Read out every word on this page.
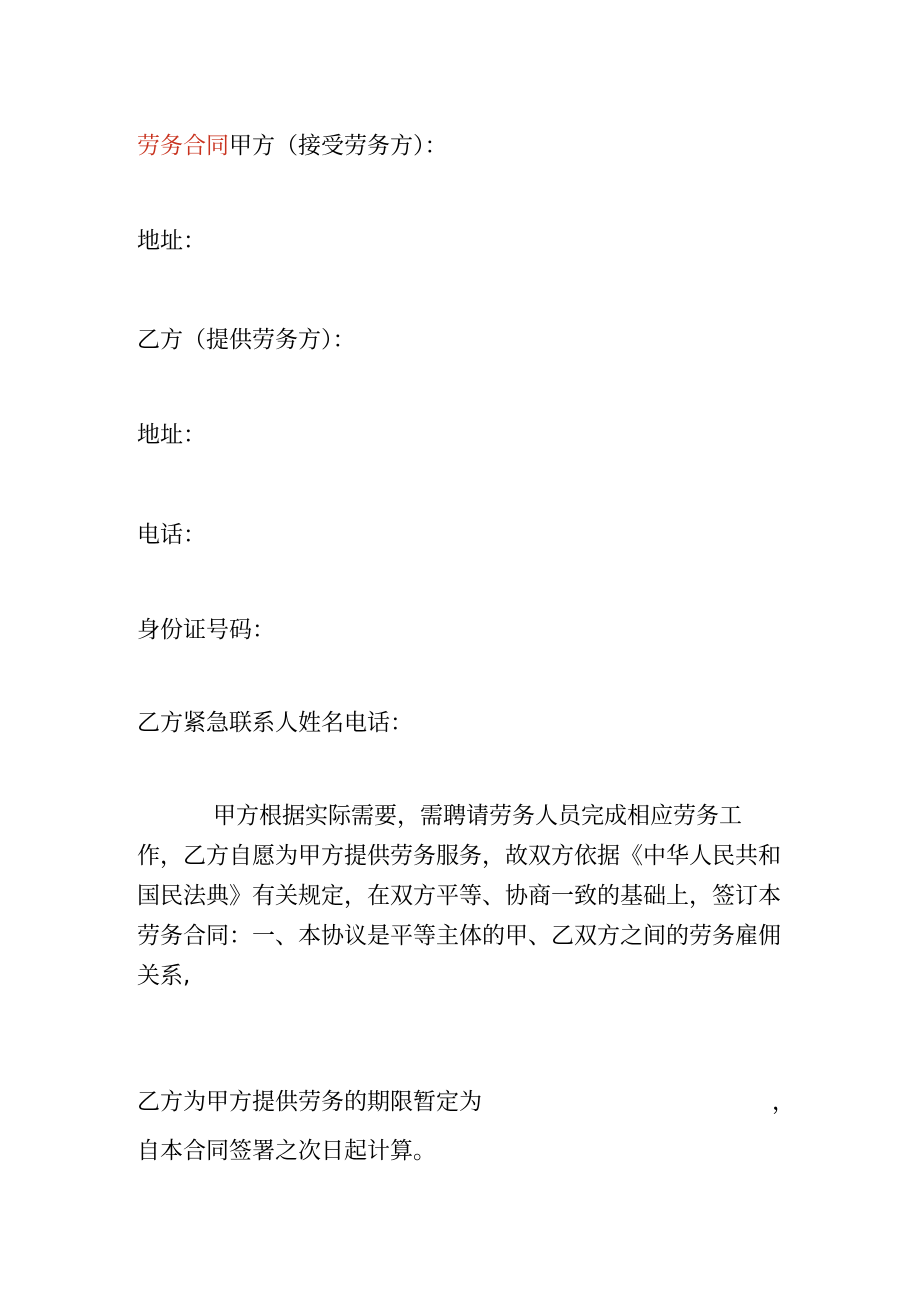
劳务合同甲方（接受劳务方）：
地址：
乙方（提供劳务方）：
地址：
电话：
身份证号码：
乙方紧急联系人姓名电话：
甲方根据实际需要，需聘请劳务人员完成相应劳务工
作，乙方自愿为甲方提供劳务服务，故双方依据《中华人民共和
国民法典》有关规定，在双方平等、协商一致的基础上，签订本
劳务合同：一、本协议是平等主体的甲、乙双方之间的劳务雇佣
关系,
乙方为甲方提供劳务的期限暂定为	，
自本合同签署之次日起计算。
